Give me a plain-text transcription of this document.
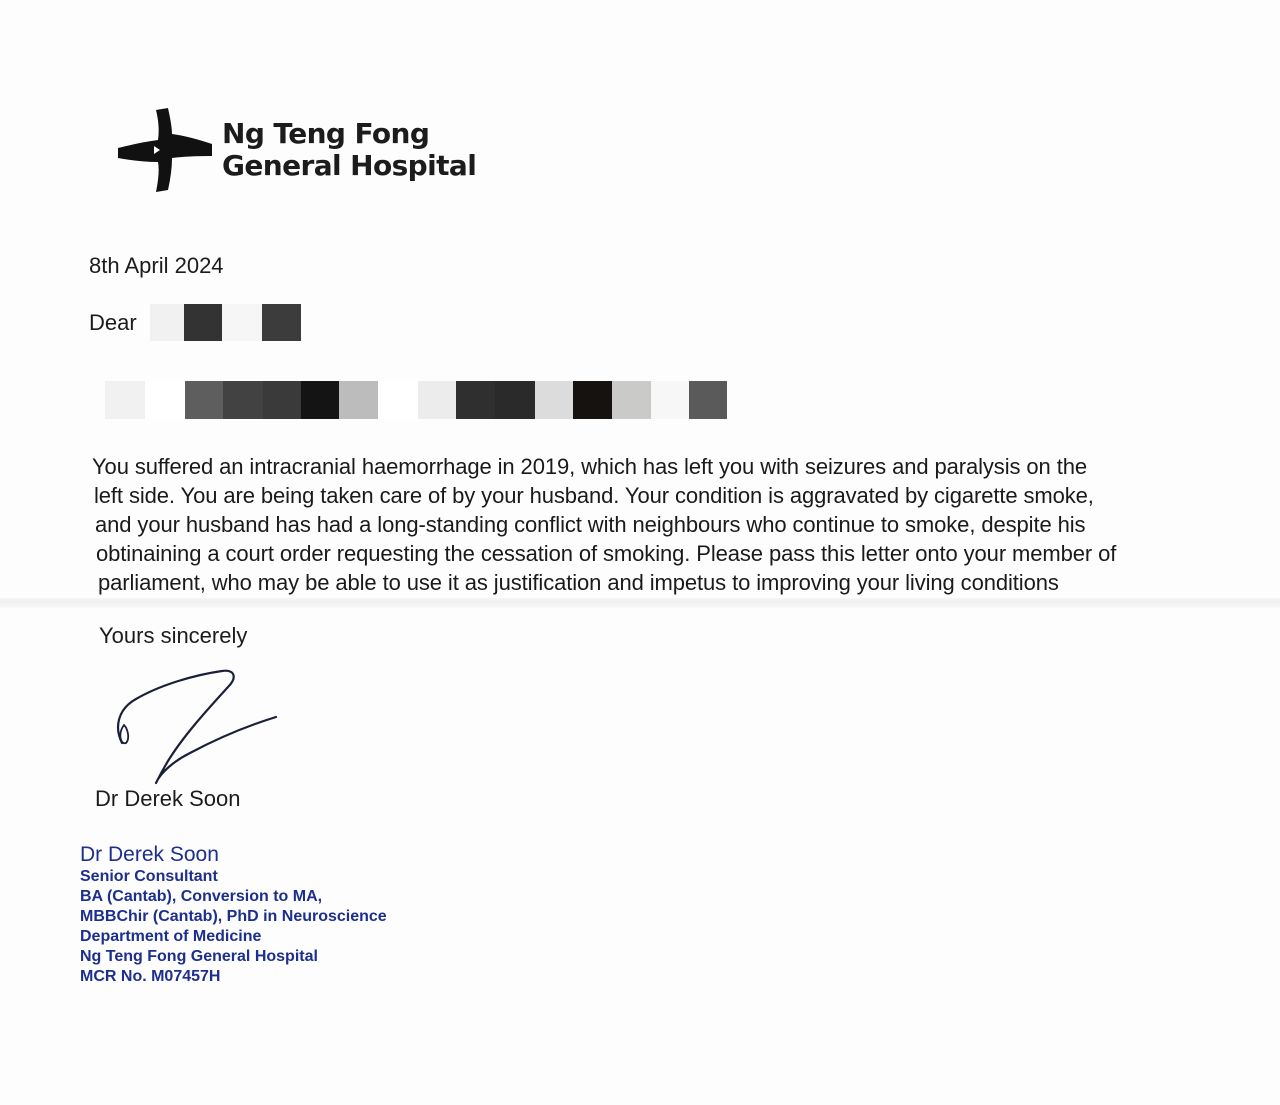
Ng Teng Fong
General Hospital
8th April 2024
Dear
You suffered an intracranial haemorrhage in 2019, which has left you with seizures and paralysis on the
left side. You are being taken care of by your husband. Your condition is aggravated by cigarette smoke,
and your husband has had a long-standing conflict with neighbours who continue to smoke, despite his
obtinaining a court order requesting the cessation of smoking. Please pass this letter onto your member of
parliament, who may be able to use it as justification and impetus to improving your living conditions
Yours sincerely
Dr Derek Soon
Dr Derek Soon
Senior Consultant
BA (Cantab), Conversion to MA,
MBBChir (Cantab), PhD in Neuroscience
Department of Medicine
Ng Teng Fong General Hospital
MCR No. M07457H
